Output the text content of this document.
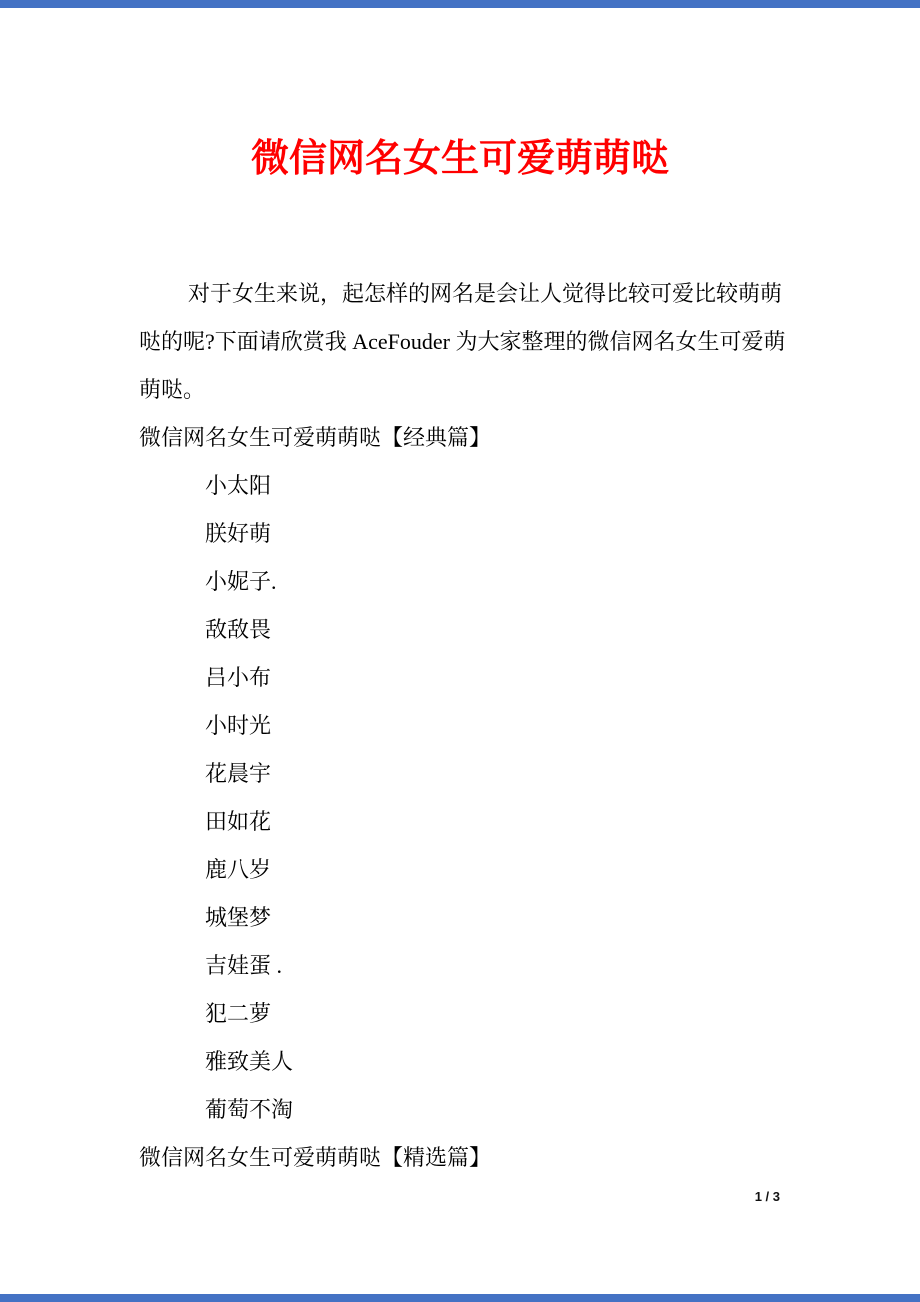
微信网名女生可爱萌萌哒
对于女生来说，起怎样的网名是会让人觉得比较可爱比较萌萌
哒的呢?下面请欣赏我 AceFouder 为大家整理的微信网名女生可爱萌
萌哒。
微信网名女生可爱萌萌哒【经典篇】
小太阳
朕好萌
小妮子.
敌敌畏
吕小布
小时光
花晨宇
田如花
鹿八岁
城堡梦
吉娃蛋 .
犯二萝
雅致美人
葡萄不淘
微信网名女生可爱萌萌哒【精选篇】
1 / 3
